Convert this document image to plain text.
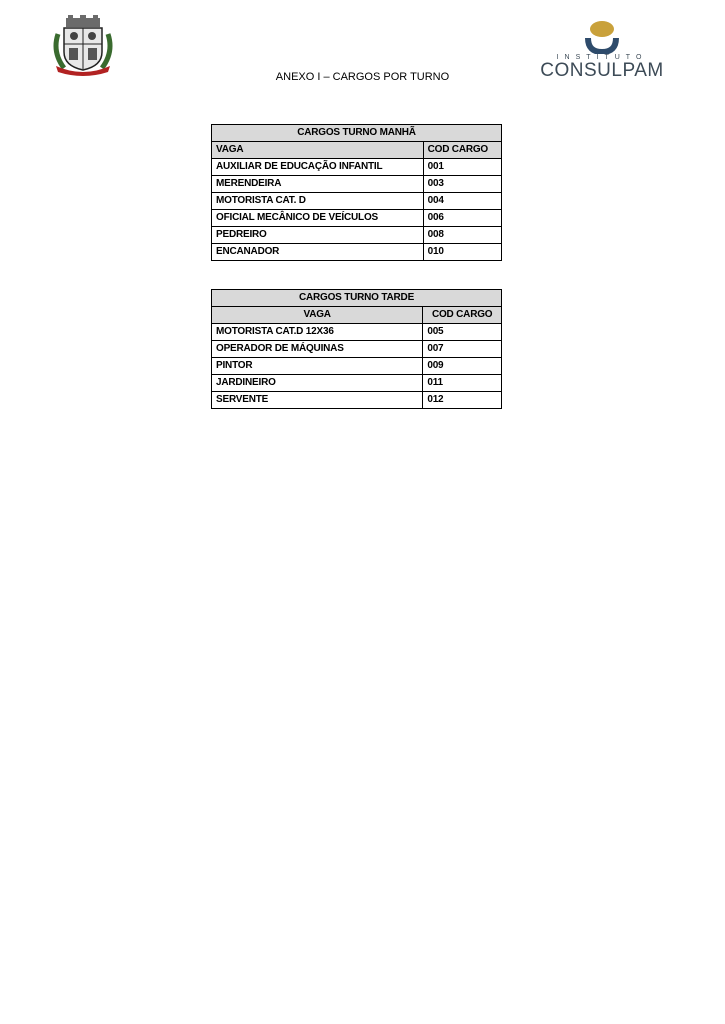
INSTITUTO
CONSULPAM
ANEXO I – CARGOS POR TURNO
CARGOS TURNO MANHÃ	
VAGA	COD CARGO
AUXILIAR DE EDUCAÇÃO INFANTIL	001
MERENDEIRA	003
MOTORISTA CAT. D	004
OFICIAL MECÂNICO DE VEÍCULOS	006
PEDREIRO	008
ENCANADOR	010
CARGOS TURNO TARDE	
VAGA	COD CARGO
MOTORISTA CAT.D 12X36	005
OPERADOR DE MÁQUINAS	007
PINTOR	009
JARDINEIRO	011
SERVENTE	012
